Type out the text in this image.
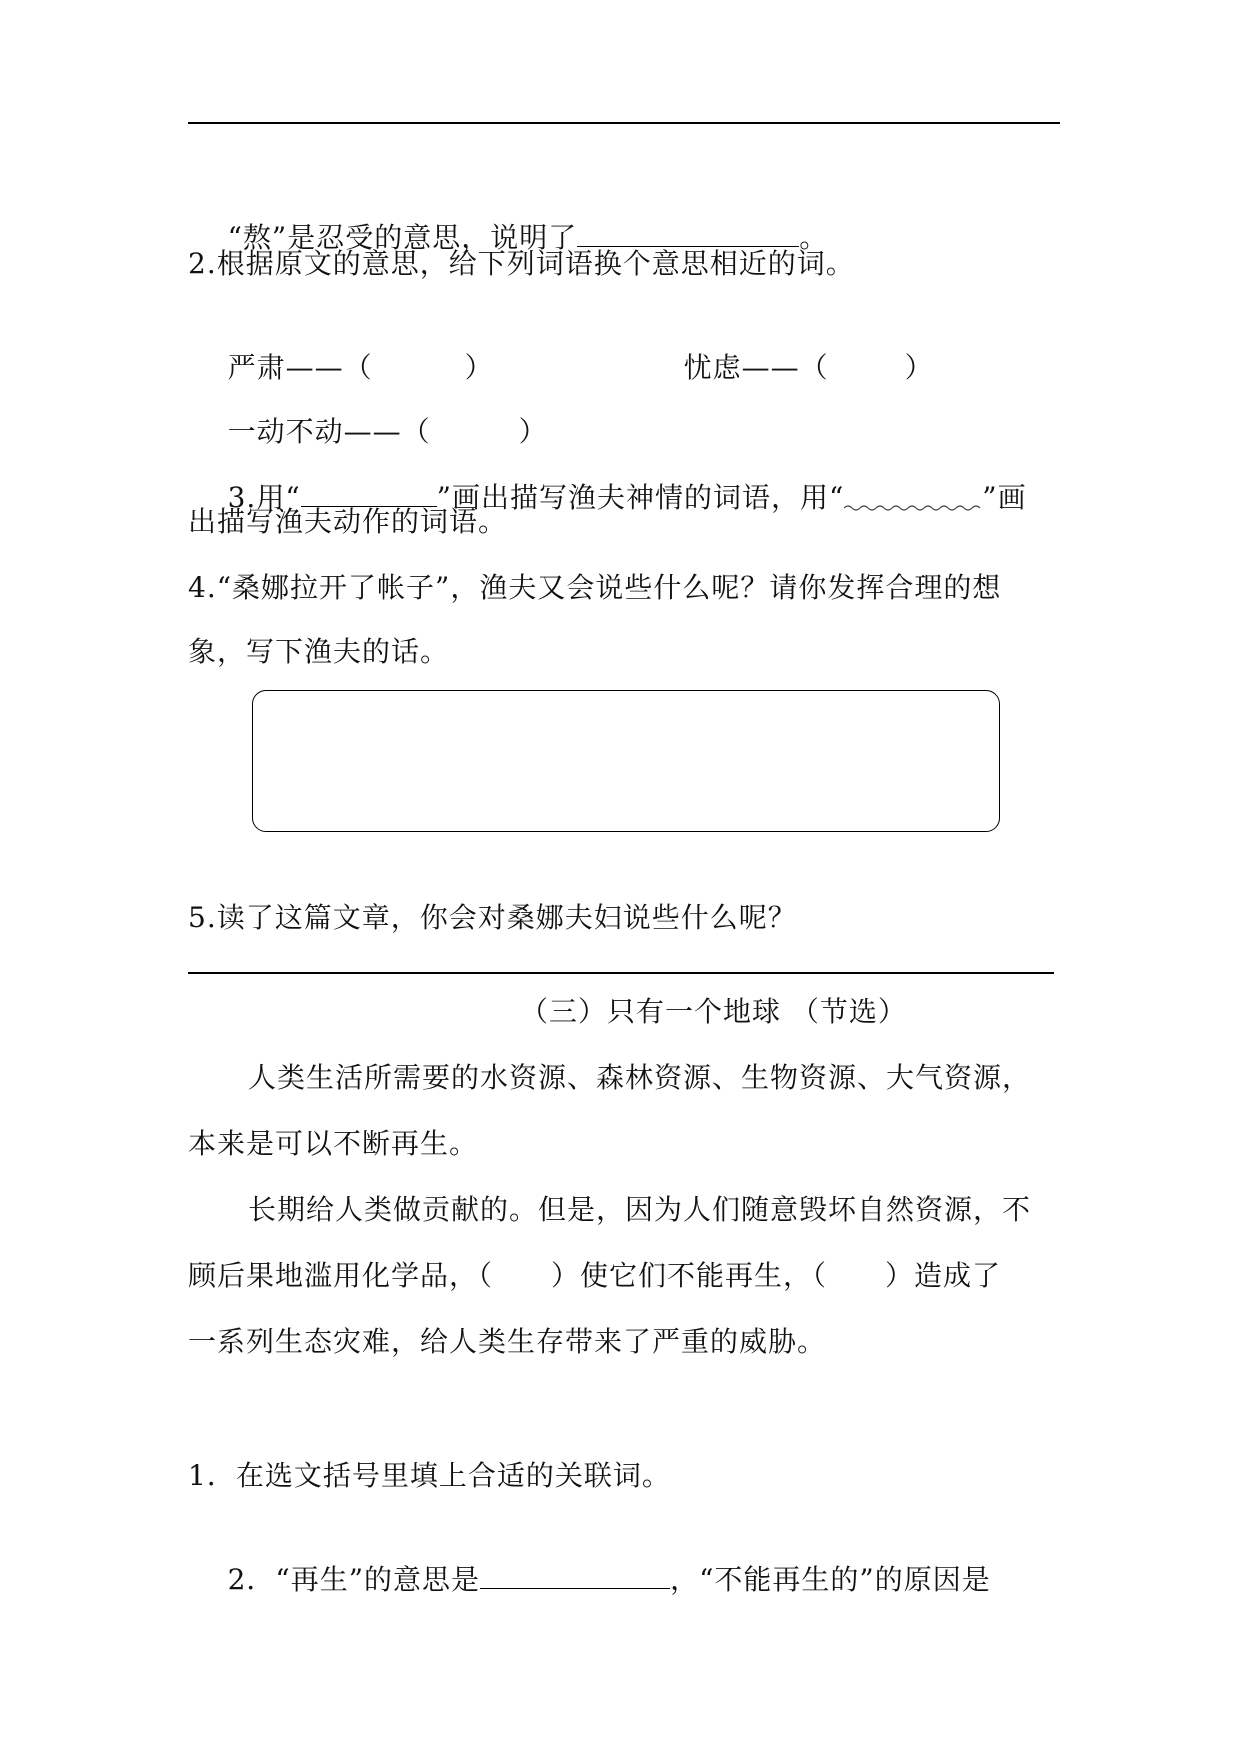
“熬”是忍受的意思，说明了	。

2.根据原文的意思，给下列词语换个意思相近的词。

严肃——（	）
	忧虑——（	）

一动不动——（	）

3.用“	”画出描写渔夫神情的词语，用“	”画

出描写渔夫动作的词语。
4.“桑娜拉开了帐子”，渔夫又会说些什么呢？请你发挥合理的想
象，写下渔夫的话。
5.读了这篇文章，你会对桑娜夫妇说些什么呢？
（三）只有一个地球 （节选）
人类生活所需要的水资源、森林资源、生物资源、大气资源，
本来是可以不断再生。
长期给人类做贡献的。但是，因为人们随意毁坏自然资源，不
顾后果地滥用化学品，（　　）使它们不能再生，（　　）造成了
一系列生态灾难，给人类生存带来了严重的威胁。
1．在选文括号里填上合适的关联词。

2．“再生”的意思是	，“不能再生的”的原因是
